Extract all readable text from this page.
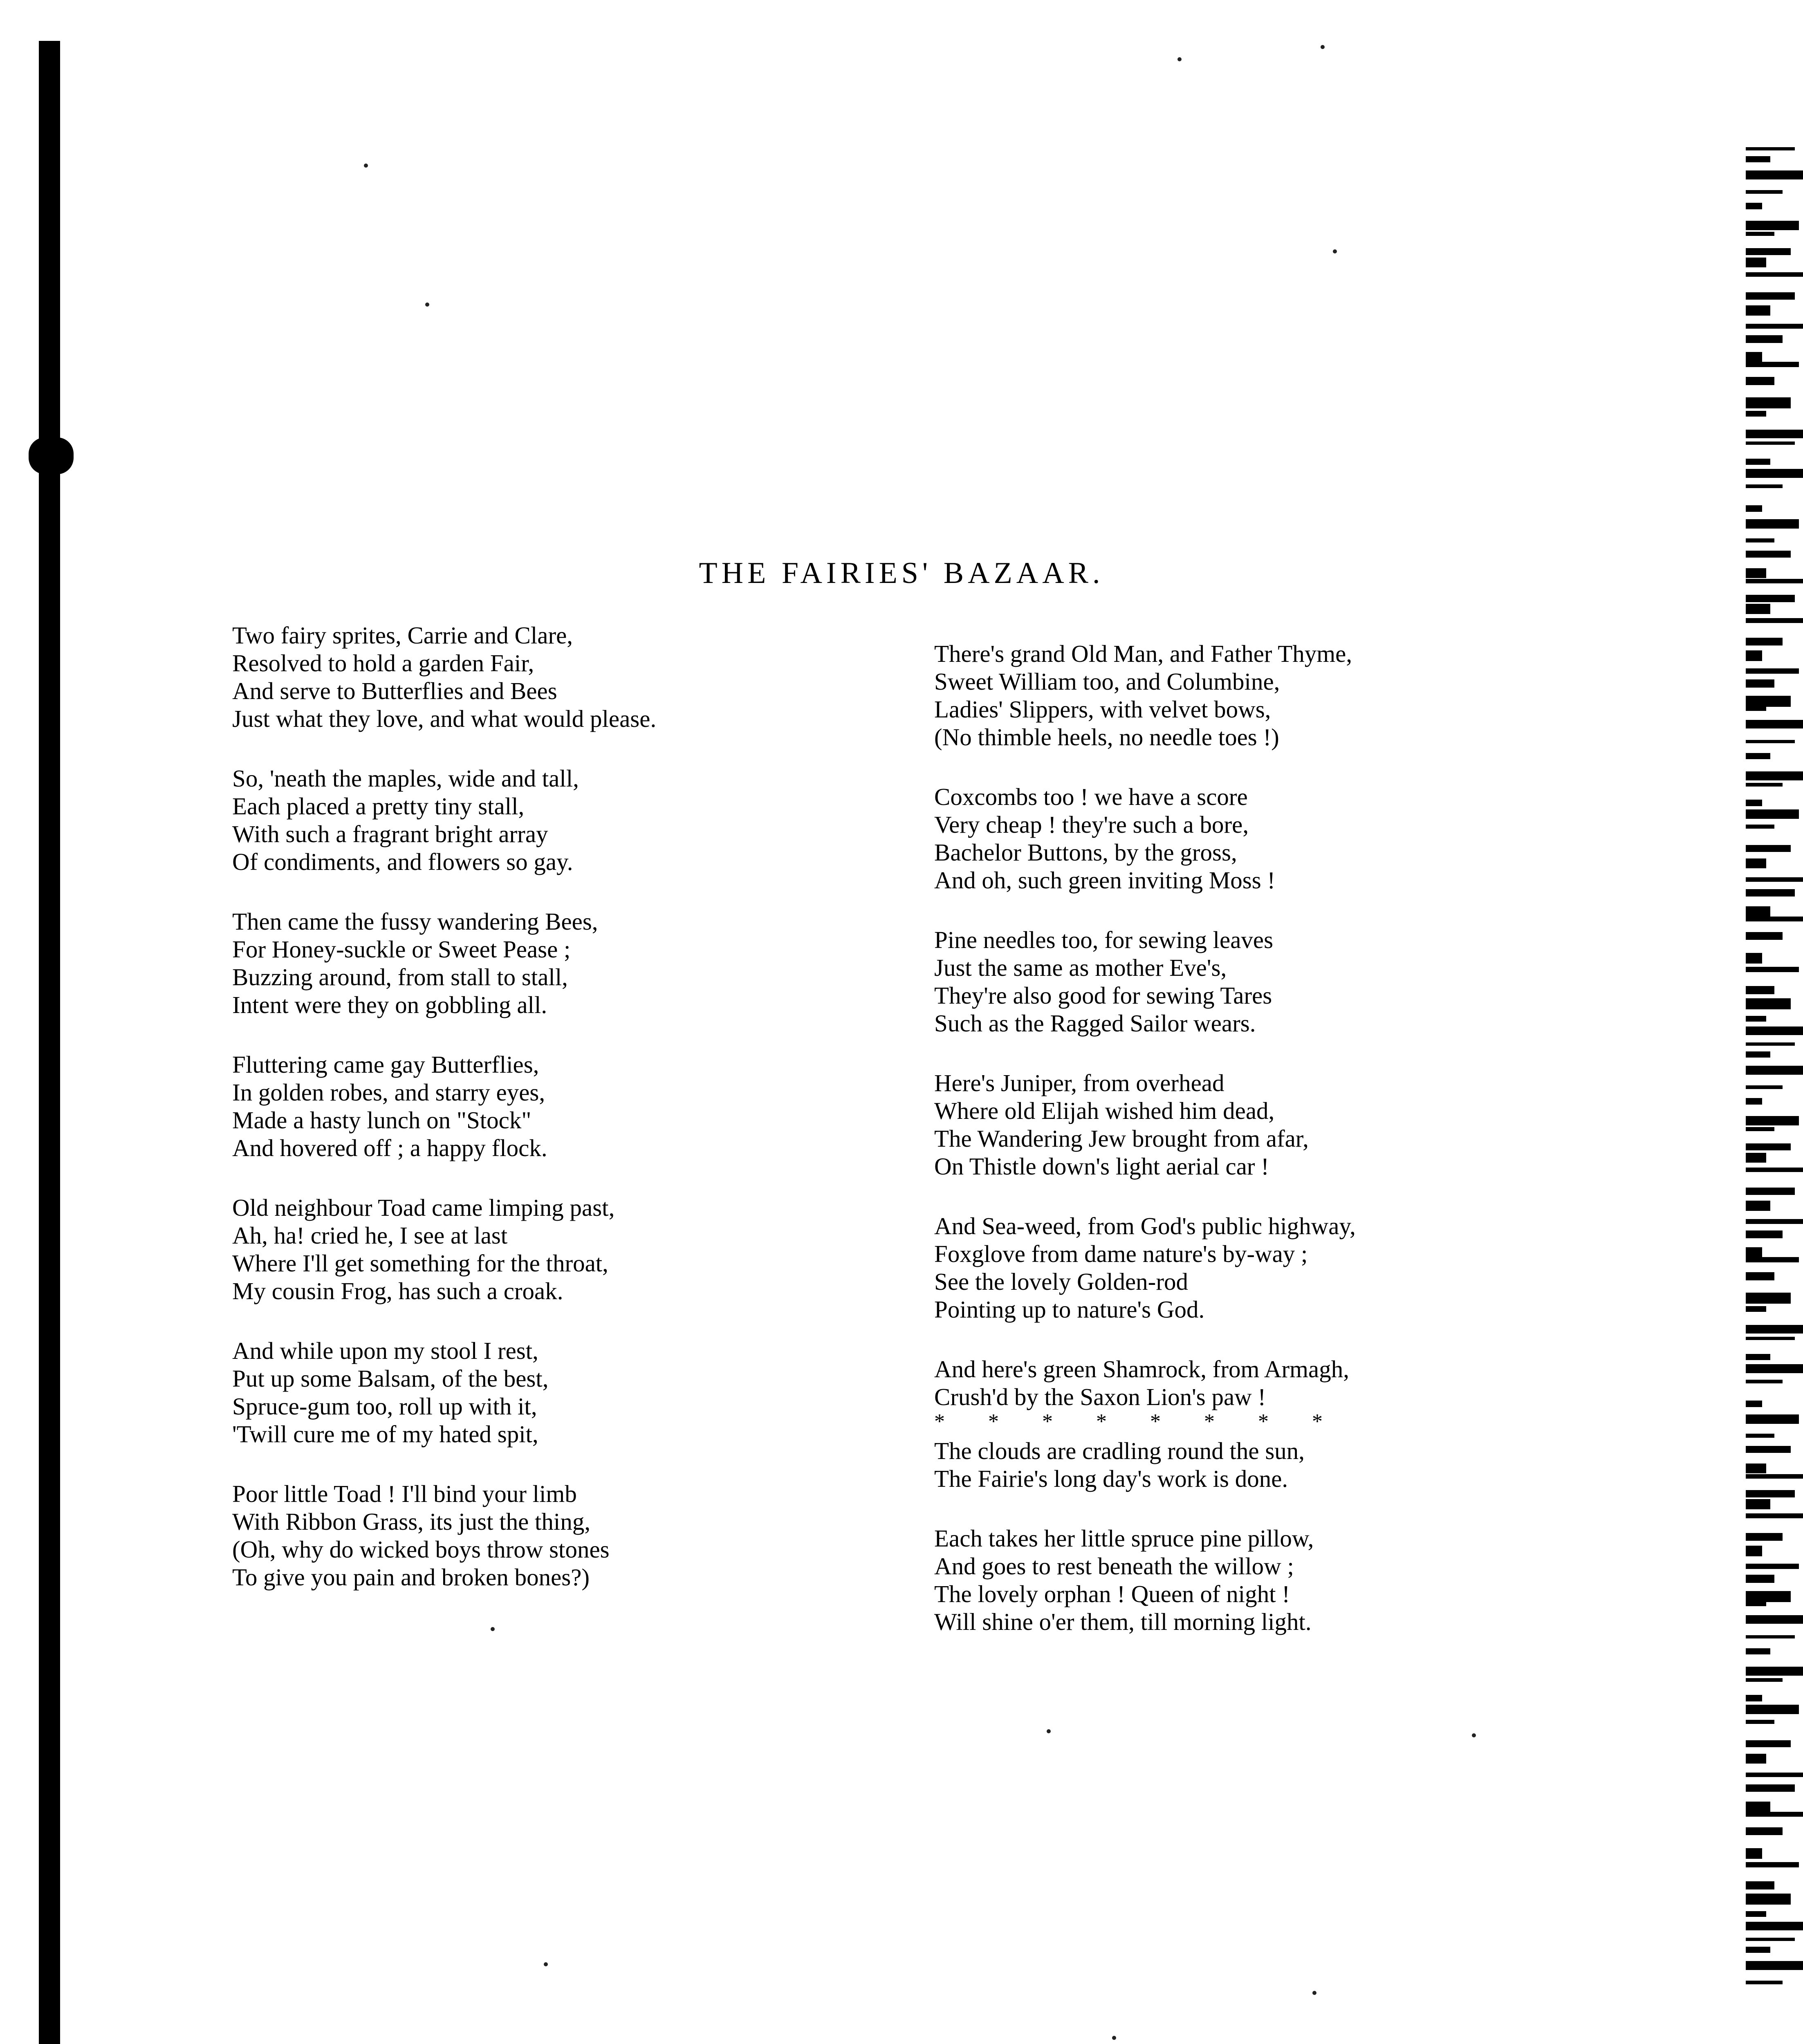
THE FAIRIES' BAZAAR.
Two fairy sprites, Carrie and Clare,
Resolved to hold a garden Fair,
And serve to Butterflies and Bees
Just what they love, and what would please.
So, 'neath the maples, wide and tall,
Each placed a pretty tiny stall,
With such a fragrant bright array
Of condiments, and flowers so gay.
Then came the fussy wandering Bees,
For Honey-suckle or Sweet Pease ;
Buzzing around, from stall to stall,
Intent were they on gobbling all.
Fluttering came gay Butterflies,
In golden robes, and starry eyes,
Made a hasty lunch on "Stock"
And hovered off ; a happy flock.
Old neighbour Toad came limping past,
Ah, ha! cried he, I see at last
Where I'll get something for the throat,
My cousin Frog, has such a croak.
And while upon my stool I rest,
Put up some Balsam, of the best,
Spruce-gum too, roll up with it,
'Twill cure me of my hated spit,
Poor little Toad ! I'll bind your limb
With Ribbon Grass, its just the thing,
(Oh, why do wicked boys throw stones
To give you pain and broken bones?)
There's grand Old Man, and Father Thyme,
Sweet William too, and Columbine,
Ladies' Slippers, with velvet bows,
(No thimble heels, no needle toes !)
Coxcombs too ! we have a score
Very cheap ! they're such a bore,
Bachelor Buttons, by the gross,
And oh, such green inviting Moss !
Pine needles too, for sewing leaves
Just the same as mother Eve's,
They're also good for sewing Tares
Such as the Ragged Sailor wears.
Here's Juniper, from overhead
Where old Elijah wished him dead,
The Wandering Jew brought from afar,
On Thistle down's light aerial car !
And Sea-weed, from God's public highway,
Foxglove from dame nature's by-way ;
See the lovely Golden-rod
Pointing up to nature's God.
And here's green Shamrock, from Armagh,
Crush'd by the Saxon Lion's paw !
*      *      *      *      *      *      *      *
The clouds are cradling round the sun,
The Fairie's long day's work is done.
Each takes her little spruce pine pillow,
And goes to rest beneath the willow ;
The lovely orphan ! Queen of night !
Will shine o'er them, till morning light.
